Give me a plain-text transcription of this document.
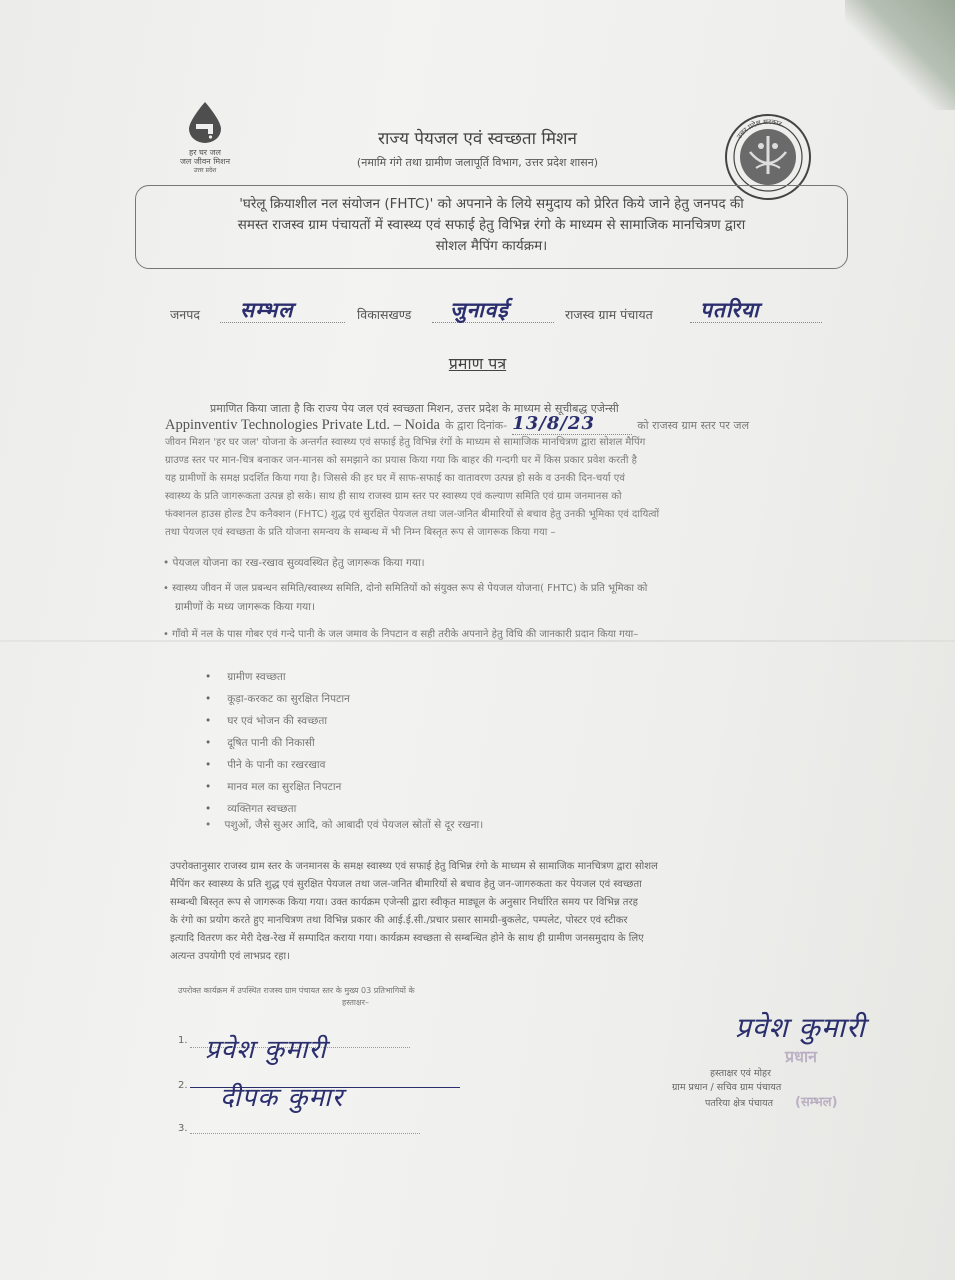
हर घर जल
जल जीवन मिशन
उत्तर प्रदेश
राज्य पेयजल एवं स्वच्छता मिशन
(नमामि गंगे तथा ग्रामीण जलापूर्ति विभाग, उत्तर प्रदेश शासन)
उत्तर प्रदेश सरकार
'घरेलू क्रियाशील नल संयोजन (FHTC)' को अपनाने के लिये समुदाय को प्रेरित किये जाने हेतु जनपद की
समस्त राजस्व ग्राम पंचायतों में स्वास्थ्य एवं सफाई हेतु विभिन्न रंगो के माध्यम से सामाजिक मानचित्रण द्वारा
सोशल मैपिंग कार्यक्रम।
जनपद सम्भल	विकासखण्ड जुनावई	राजस्व ग्राम पंचायत पतरिया
प्रमाण पत्र
प्रमाणित किया जाता है कि राज्य पेय जल एवं स्वच्छता मिशन, उत्तर प्रदेश के माध्यम से सूचीबद्ध एजेन्सी
Appinventiv Technologies Private Ltd. – Noida के द्वारा दिनांक- 13/8/23	को राजस्व ग्राम स्तर पर जल
जीवन मिशन 'हर घर जल' योजना के अन्तर्गत स्वास्थ्य एवं सफाई हेतु विभिन्न रंगों के माध्यम से सामाजिक मानचित्रण द्वारा सोशल मैपिंग
ग्राउण्ड स्तर पर मान-चित्र बनाकर जन-मानस को समझाने का प्रयास किया गया कि बाहर की गन्दगी घर में किस प्रकार प्रवेश करती है
यह ग्रामीणों के समक्ष प्रदर्शित किया गया है। जिससे की हर घर में साफ-सफाई का वातावरण उत्पन्न हो सके व उनकी दिन-चर्या एवं
स्वास्थ्य के प्रति जागरूकता उत्पन्न हो सके। साथ ही साथ राजस्व ग्राम स्तर पर स्वास्थ्य एवं कल्याण समिति एवं ग्राम जनमानस को
फंक्शनल हाउस होल्ड टैप कनैक्शन (FHTC) शुद्ध एवं सुरक्षित पेयजल तथा जल-जनित बीमारियों से बचाव हेतु उनकी भूमिका एवं दायित्वों
तथा पेयजल एवं स्वच्छता के प्रति योजना समन्वय के सम्बन्ध में भी निम्न बिस्तृत रूप से जागरूक किया गया –
• पेयजल योजना का रख-रखाव सुव्यवस्थित हेतु जागरूक किया गया।
• स्वास्थ्य जीवन में जल प्रबन्धन समिति/स्वास्थ्य समिति, दोनो समितियों को संयुक्त रूप से पेयजल योजना( FHTC) के प्रति भूमिका को
ग्रामीणों के मध्य जागरूक किया गया।
• गाँवो में नल के पास गोबर एवं गन्दे पानी के जल जमाव के निपटान व सही तरीके अपनाने हेतु विधि की जानकारी प्रदान किया गया–
• ग्रामीण स्वच्छता
• कूड़ा-करकट का सुरक्षित निपटान
• घर एवं भोजन की स्वच्छता
• दूषित पानी की निकासी
• पीने के पानी का रखरखाव
• मानव मल का सुरक्षित निपटान
• व्यक्तिगत स्वच्छता
•    पशुओं, जैसे सुअर आदि, को आबादी एवं पेयजल स्रोतों से दूर रखना।
उपरोक्तानुसार राजस्व ग्राम स्तर के जनमानस के समक्ष स्वास्थ्य एवं सफाई हेतु विभिन्न रंगो के माध्यम से सामाजिक मानचित्रण द्वारा सोशल
मैपिंग कर स्वास्थ्य के प्रति शुद्ध एवं सुरक्षित पेयजल तथा जल-जनित बीमारियों से बचाव हेतु जन-जागरुकता कर पेयजल एवं स्वच्छता
सम्बन्धी बिस्तृत रूप से जागरूक किया गया। उक्त कार्यक्रम एजेन्सी द्वारा स्वीकृत माड्यूल के अनुसार निर्धारित समय पर विभिन्न तरह
के रंगो का प्रयोग करते हुए मानचित्रण तथा विभिन्न प्रकार की आई.ई.सी./प्रचार प्रसार सामग्री-बुकलेट, पम्पलेट, पोस्टर एवं स्टीकर
इत्यादि वितरण कर मेरी देख-रेख में सम्पादित कराया गया। कार्यक्रम स्वच्छता से सम्बन्धित होने के साथ ही ग्रामीण जनसमुदाय के लिए
अत्यन्त उपयोगी एवं लाभप्रद रहा।
उपरोक्त कार्यक्रम में उपस्थित राजस्व ग्राम पंचायत स्तर के मुख्य 03 प्रतिभागियों के
हस्ताक्षर–
1. प्रवेश कुमारी
2. दीपक कुमार
3.
प्रधान
(सम्भल)
प्रवेश कुमारी
हस्ताक्षर एवं मोहर
ग्राम प्रधान / सचिव ग्राम पंचायत
पतरिया क्षेत्र पंचायत
